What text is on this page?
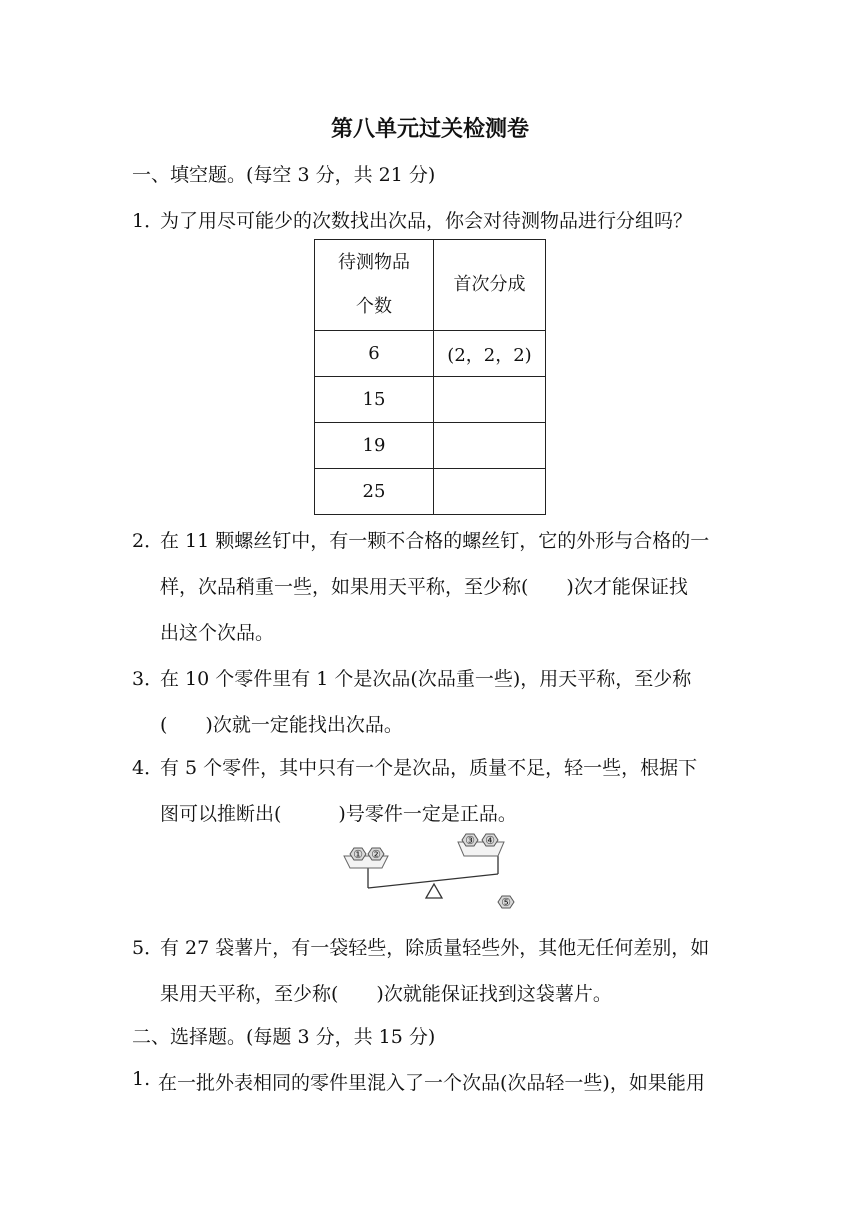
第八单元过关检测卷
一、填空题。(每空 3 分，共 21 分)
1．
为了用尽可能少的次数找出次品，你会对待测物品进行分组吗？
待测物品
个数	首次分成
6	(2，2，2)
15	
19	
25	
2．
在 11 颗螺丝钉中，有一颗不合格的螺丝钉，它的外形与合格的一
样，次品稍重一些，如果用天平称，至少称(　　)次才能保证找
出这个次品。
3．
在 10 个零件里有 1 个是次品(次品重一些)，用天平称，至少称
(　　)次就一定能找出次品。
4．
有 5 个零件，其中只有一个是次品，质量不足，轻一些，根据下
图可以推断出(　　　)号零件一定是正品。
① ②
③ ④
⑤
5．
有 27 袋薯片，有一袋轻些，除质量轻些外，其他无任何差别，如
果用天平称，至少称(　　)次就能保证找到这袋薯片。
二、选择题。(每题 3 分，共 15 分)
1. 在一批外表相同的零件里混入了一个次品(次品轻一些)，如果能用
